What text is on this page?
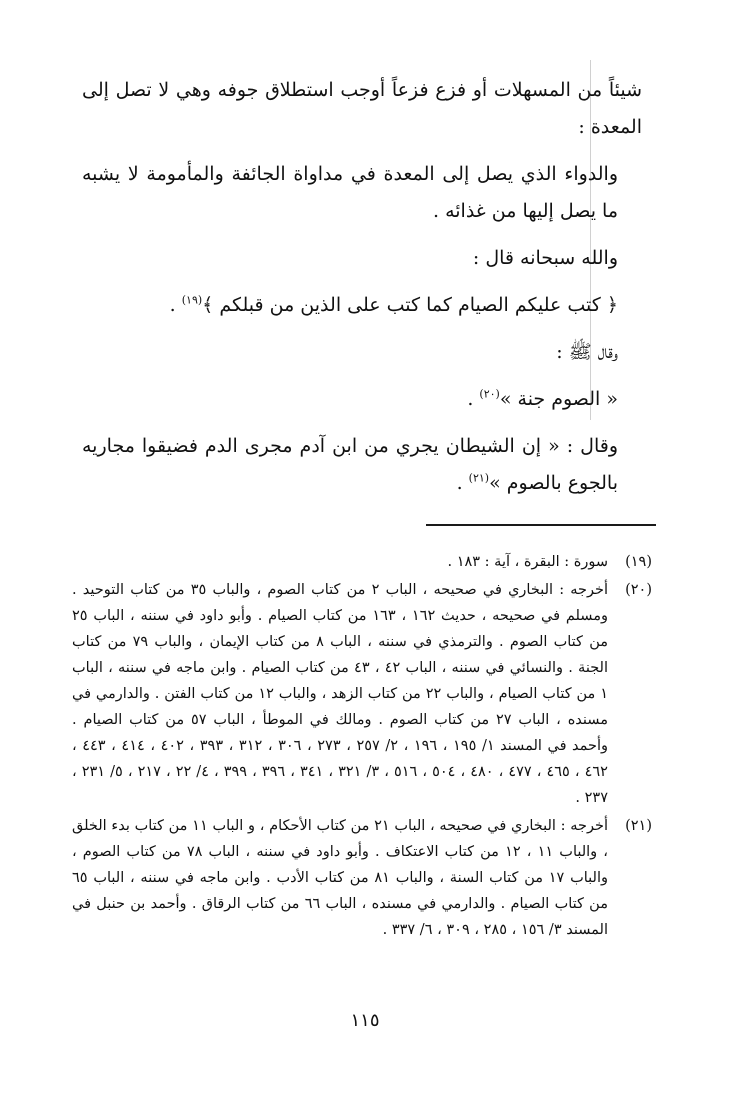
شيئاً من المسهلات أو فزع فزعاً أوجب استطلاق جوفه وهي لا تصل إلى المعدة :

والدواء الذي يصل إلى المعدة في مداواة الجائفة والمأمومة لا يشبه ما يصل إليها من غذائه .

والله سبحانه قال :

﴿ كتب عليكم الصيام كما كتب على الذين من قبلكم ﴾$^{(١٩)}$ .

وقال ﷺ :

« الصوم جنة »$^{(٢٠)}$ .

وقال : « إن الشيطان يجري من ابن آدم مجرى الدم فضيقوا مجاريه بالجوع بالصوم »$^{(٢١)}$ .

(١٩)
سورة : البقرة ، آية : ١٨٣ .
(٢٠)
أخرجه : البخاري في صحيحه ، الباب ٢ من كتاب الصوم ، والباب ٣٥ من كتاب التوحيد . ومسلم في صحيحه ، حديث ١٦٢ ، ١٦٣ من كتاب الصيام . وأبو داود في سننه ، الباب ٢٥ من كتاب الصوم . والترمذي في سننه ، الباب ٨ من كتاب الإيمان ، والباب ٧٩ من كتاب الجنة . والنسائي في سننه ، الباب ٤٢ ، ٤٣ من كتاب الصيام . وابن ماجه في سننه ، الباب ١ من كتاب الصيام ، والباب ٢٢ من كتاب الزهد ، والباب ١٢ من كتاب الفتن . والدارمي في مسنده ، الباب ٢٧ من كتاب الصوم . ومالك في الموطأ ، الباب ٥٧ من كتاب الصيام . وأحمد في المسند ١/ ١٩٥ ، ١٩٦ ، ٢/ ٢٥٧ ، ٢٧٣ ، ٣٠٦ ، ٣١٢ ، ٣٩٣ ، ٤٠٢ ، ٤١٤ ، ٤٤٣ ، ٤٦٢ ، ٤٦٥ ، ٤٧٧ ، ٤٨٠ ، ٥٠٤ ، ٥١٦ ، ٣/ ٣٢١ ، ٣٤١ ، ٣٩٦ ، ٣٩٩ ، ٤/ ٢٢ ، ٢١٧ ، ٥/ ٢٣١ ، ٢٣٧ .
(٢١)
أخرجه : البخاري في صحيحه ، الباب ٢١ من كتاب الأحكام ، و الباب ١١ من كتاب بدء الخلق ، والباب ١١ ، ١٢ من كتاب الاعتكاف . وأبو داود في سننه ، الباب ٧٨ من كتاب الصوم ، والباب ١٧ من كتاب السنة ، والباب ٨١ من كتاب الأدب . وابن ماجه في سننه ، الباب ٦٥ من كتاب الصيام . والدارمي في مسنده ، الباب ٦٦ من كتاب الرقاق . وأحمد بن حنبل في المسند ٣/ ١٥٦ ، ٢٨٥ ، ٣٠٩ ، ٦/ ٣٣٧ .
١١٥
